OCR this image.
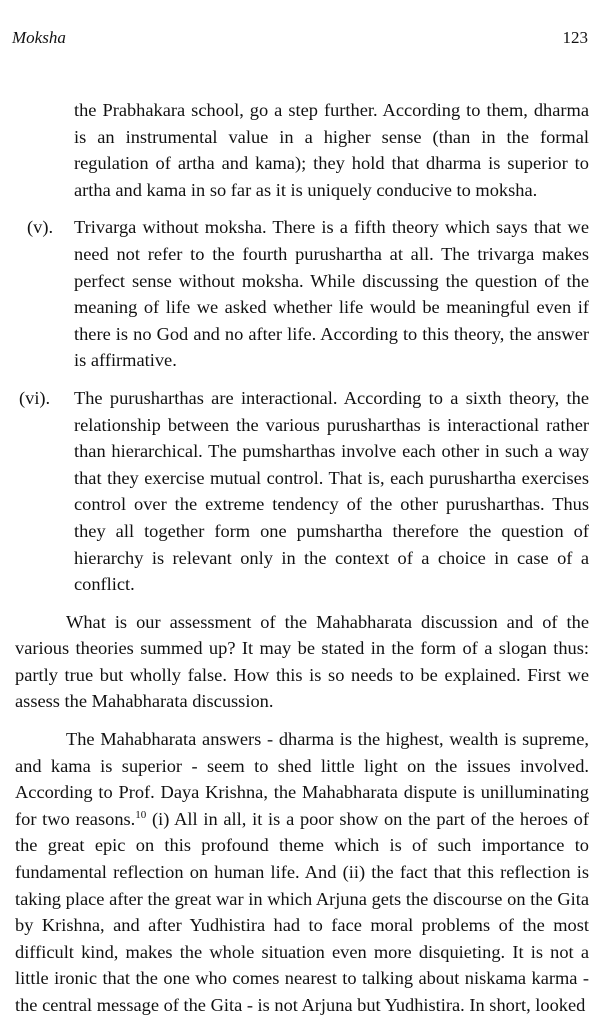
Moksha	123

the Prabhakara school, go a step further. According to them, dharma is an instrumental value in a higher sense (than in the formal regulation of artha and kama); they hold that dharma is superior to artha and kama in so far as it is uniquely conducive to moksha.

(v).	Trivarga without moksha. There is a fifth theory which says that we need not refer to the fourth purushartha at all. The trivarga makes perfect sense without moksha. While discussing the question of the meaning of life we asked whether life would be meaningful even if there is no God and no after life. According to this theory, the answer is affirmative.

(vi).	The purusharthas are interactional. According to a sixth theory, the relationship between the various purusharthas is interactional rather than hierarchical. The pumsharthas involve each other in such a way that they exercise mutual control. That is, each purushartha exercises control over the extreme tendency of the other purusharthas. Thus they all together form one pumshartha therefore the question of hierarchy is relevant only in the context of a choice in case of a conflict.

What is our assessment of the Mahabharata discussion and of the various theories summed up? It may be stated in the form of a slogan thus: partly true but wholly false. How this is so needs to be explained. First we assess the Mahabharata discussion.

The Mahabharata answers - dharma is the highest, wealth is supreme, and kama is superior - seem to shed little light on the issues involved. According to Prof. Daya Krishna, the Mahabharata dispute is unilluminating for two reasons.$^{10}$ (i) All in all, it is a poor show on the part of the heroes of the great epic on this profound theme which is of such importance to fundamental reflection on human life. And (ii) the fact that this reflection is taking place after the great war in which Arjuna gets the discourse on the Gita by Krishna, and after Yudhistira had to face moral problems of the most difficult kind, makes the whole situation even more disquieting. It is not a little ironic that the one who comes nearest to talking about niskama karma - the central message of the Gita - is not Arjuna but Yudhistira. In short, looked
